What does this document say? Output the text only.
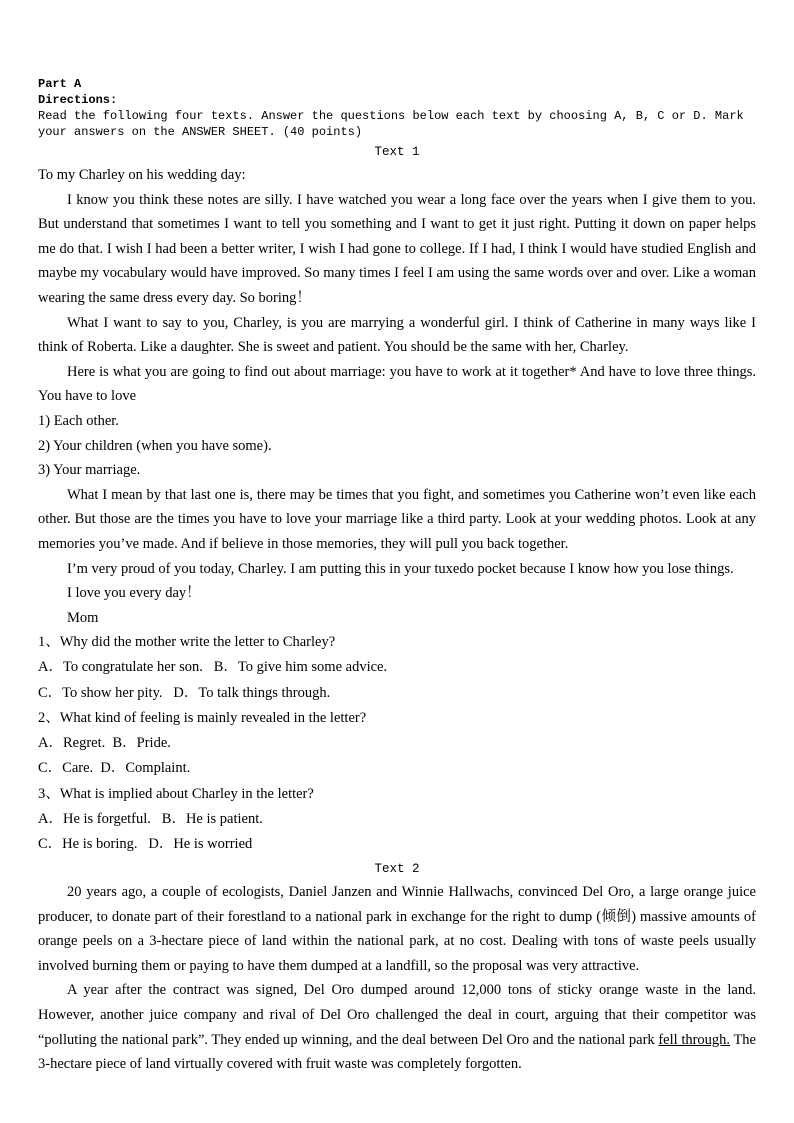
Part A
Directions:
Read the following four texts. Answer the questions below each text by choosing A, B, C or D. Mark your answers on the ANSWER SHEET. (40 points)
Text 1

To my Charley on his wedding day:

I know you think these notes are silly. I have watched you wear a long face over the years when I give them to you. But understand that sometimes I want to tell you something and I want to get it just right. Putting it down on paper helps me do that. I wish I had been a better writer, I wish I had gone to college. If I had, I think I would have studied English and maybe my vocabulary would have improved. So many times I feel I am using the same words over and over. Like a woman wearing the same dress every day. So boring！

What I want to say to you, Charley, is you are marrying a wonderful girl. I think of Catherine in many ways like I think of Roberta. Like a daughter. She is sweet and patient. You should be the same with her, Charley.

Here is what you are going to find out about marriage: you have to work at it together* And have to love three things. You have to love

1) Each other.

2) Your children (when you have some).

3) Your marriage.

What I mean by that last one is, there may be times that you fight, and sometimes you Catherine won’t even like each other. But those are the times you have to love your marriage like a third party. Look at your wedding photos. Look at any memories you’ve made. And if believe in those memories, they will pull you back together.

I’m very proud of you today, Charley. I am putting this in your tuxedo pocket because I know how you lose things.

I love you every day！

Mom

1、Why did the mother write the letter to Charley?

A．To congratulate her son.   B．To give him some advice.

C．To show her pity.   D．To talk things through.

2、What kind of feeling is mainly revealed in the letter?

A．Regret.  B．Pride.

C．Care.  D．Complaint.

3、What is implied about Charley in the letter?

A．He is forgetful.   B．He is patient.

C．He is boring.   D．He is worried

Text 2

20 years ago, a couple of ecologists, Daniel Janzen and Winnie Hallwachs, convinced Del Oro, a large orange juice producer, to donate part of their forestland to a national park in exchange for the right to dump (倾倒) massive amounts of orange peels on a 3-hectare piece of land within the national park, at no cost. Dealing with tons of waste peels usually involved burning them or paying to have them dumped at a landfill, so the proposal was very attractive.

A year after the contract was signed, Del Oro dumped around 12,000 tons of sticky orange waste in the land. However, another juice company and rival of Del Oro challenged the deal in court, arguing that their competitor was “polluting the national park”. They ended up winning, and the deal between Del Oro and the national park fell through. The 3-hectare piece of land virtually covered with fruit waste was completely forgotten.
